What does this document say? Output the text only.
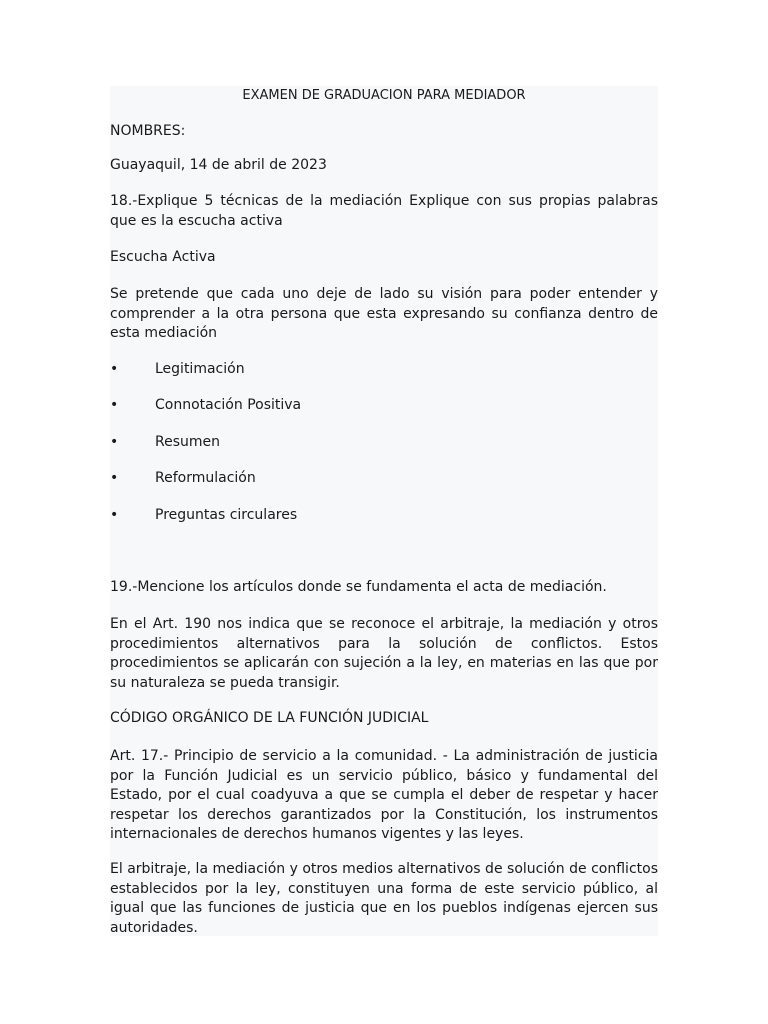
EXAMEN DE GRADUACION PARA MEDIADOR

NOMBRES:

Guayaquil, 14 de abril de 2023

18.-Explique 5 técnicas de la mediación Explique con sus propias palabras que es la escucha activa

Escucha Activa

Se pretende que cada uno deje de lado su visión para poder entender y comprender a la otra persona que esta expresando su confianza dentro de esta mediación

•	Legitimación
•	Connotación Positiva
•	Resumen
•	Reformulación
•	Preguntas circulares

19.-Mencione los artículos donde se fundamenta el acta de mediación.

En el Art. 190 nos indica que se reconoce el arbitraje, la mediación y otros procedimientos alternativos para la solución de conflictos. Estos procedimientos se aplicarán con sujeción a la ley, en materias en las que por su naturaleza se pueda transigir.

CÓDIGO ORGÁNICO DE LA FUNCIÓN JUDICIAL

Art. 17.- Principio de servicio a la comunidad. - La administración de justicia por la Función Judicial es un servicio público, básico y fundamental del Estado, por el cual coadyuva a que se cumpla el deber de respetar y hacer respetar los derechos garantizados por la Constitución, los instrumentos internacionales de derechos humanos vigentes y las leyes.

El arbitraje, la mediación y otros medios alternativos de solución de conflictos establecidos por la ley, constituyen una forma de este servicio público, al igual que las funciones de justicia que en los pueblos indígenas ejercen sus autoridades.
